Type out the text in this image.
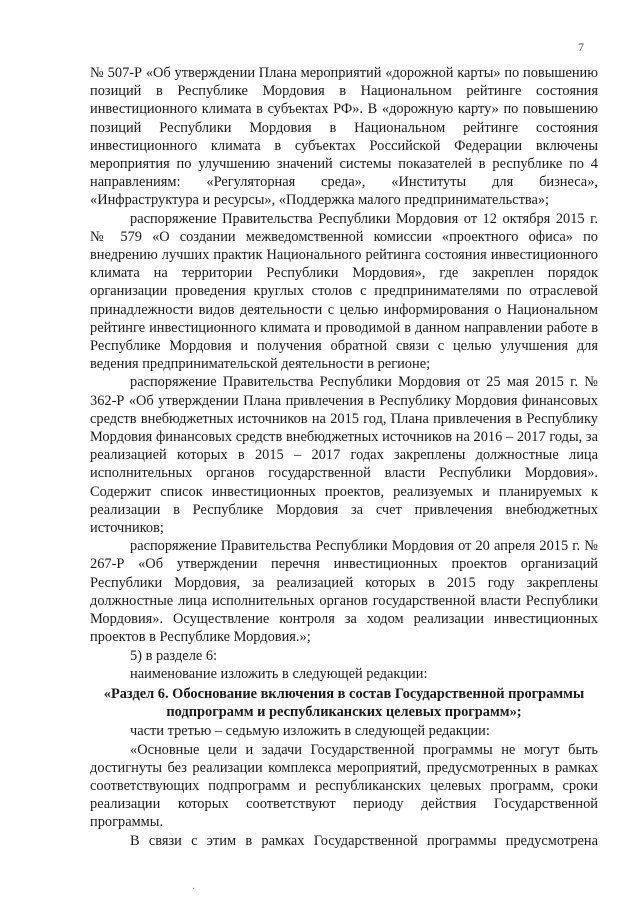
7

№ 507-Р «Об утверждении Плана мероприятий «дорожной карты» по повышению позиций в Республике Мордовия в Национальном рейтинге состояния инвестиционного климата в субъектах РФ». В «дорожную карту» по повышению позиций Республики Мордовия в Национальном рейтинге состояния инвестиционного климата в субъектах Российской Федерации включены мероприятия по улучшению значений системы показателей в республике по 4 направлениям: «Регуляторная среда», «Институты для бизнеса», «Инфраструктура и ресурсы», «Поддержка малого предпринимательства»;

распоряжение Правительства Республики Мордовия от 12 октября 2015 г. № 579 «О создании межведомственной комиссии «проектного офиса» по внедрению лучших практик Национального рейтинга состояния инвестиционного климата на территории Республики Мордовия», где закреплен порядок организации проведения круглых столов с предпринимателями по отраслевой принадлежности видов деятельности с целью информирования о Национальном рейтинге инвестиционного климата и проводимой в данном направлении работе в Республике Мордовия и получения обратной связи с целью улучшения для ведения предпринимательской деятельности в регионе;

распоряжение Правительства Республики Мордовия от 25 мая 2015 г. № 362-Р «Об утверждении Плана привлечения в Республику Мордовия финансовых средств внебюджетных источников на 2015 год, Плана привлечения в Республику Мордовия финансовых средств внебюджетных источников на 2016 – 2017 годы, за реализацией которых в 2015 – 2017 годах закреплены должностные лица исполнительных органов государственной власти Республики Мордовия». Содержит список инвестиционных проектов, реализуемых и планируемых к реализации в Республике Мордовия за счет привлечения внебюджетных источников;

распоряжение Правительства Республики Мордовия от 20 апреля 2015 г. № 267-Р «Об утверждении перечня инвестиционных проектов организаций Республики Мордовия, за реализацией которых в 2015 году закреплены должностные лица исполнительных органов государственной власти Республики Мордовия». Осуществление контроля за ходом реализации инвестиционных проектов в Республике Мордовия.»;

5) в разделе 6:

наименование изложить в следующей редакции:

«Раздел 6. Обоснование включения в состав Государственной программы подпрограмм и республиканских целевых программ»;

части третью – седьмую изложить в следующей редакции:

«Основные цели и задачи Государственной программы не могут быть достигнуты без реализации комплекса мероприятий, предусмотренных в рамках соответствующих подпрограмм и республиканских целевых программ, сроки реализации которых соответствуют периоду действия Государственной программы.

В связи с этим в рамках Государственной программы предусмотрена

·
